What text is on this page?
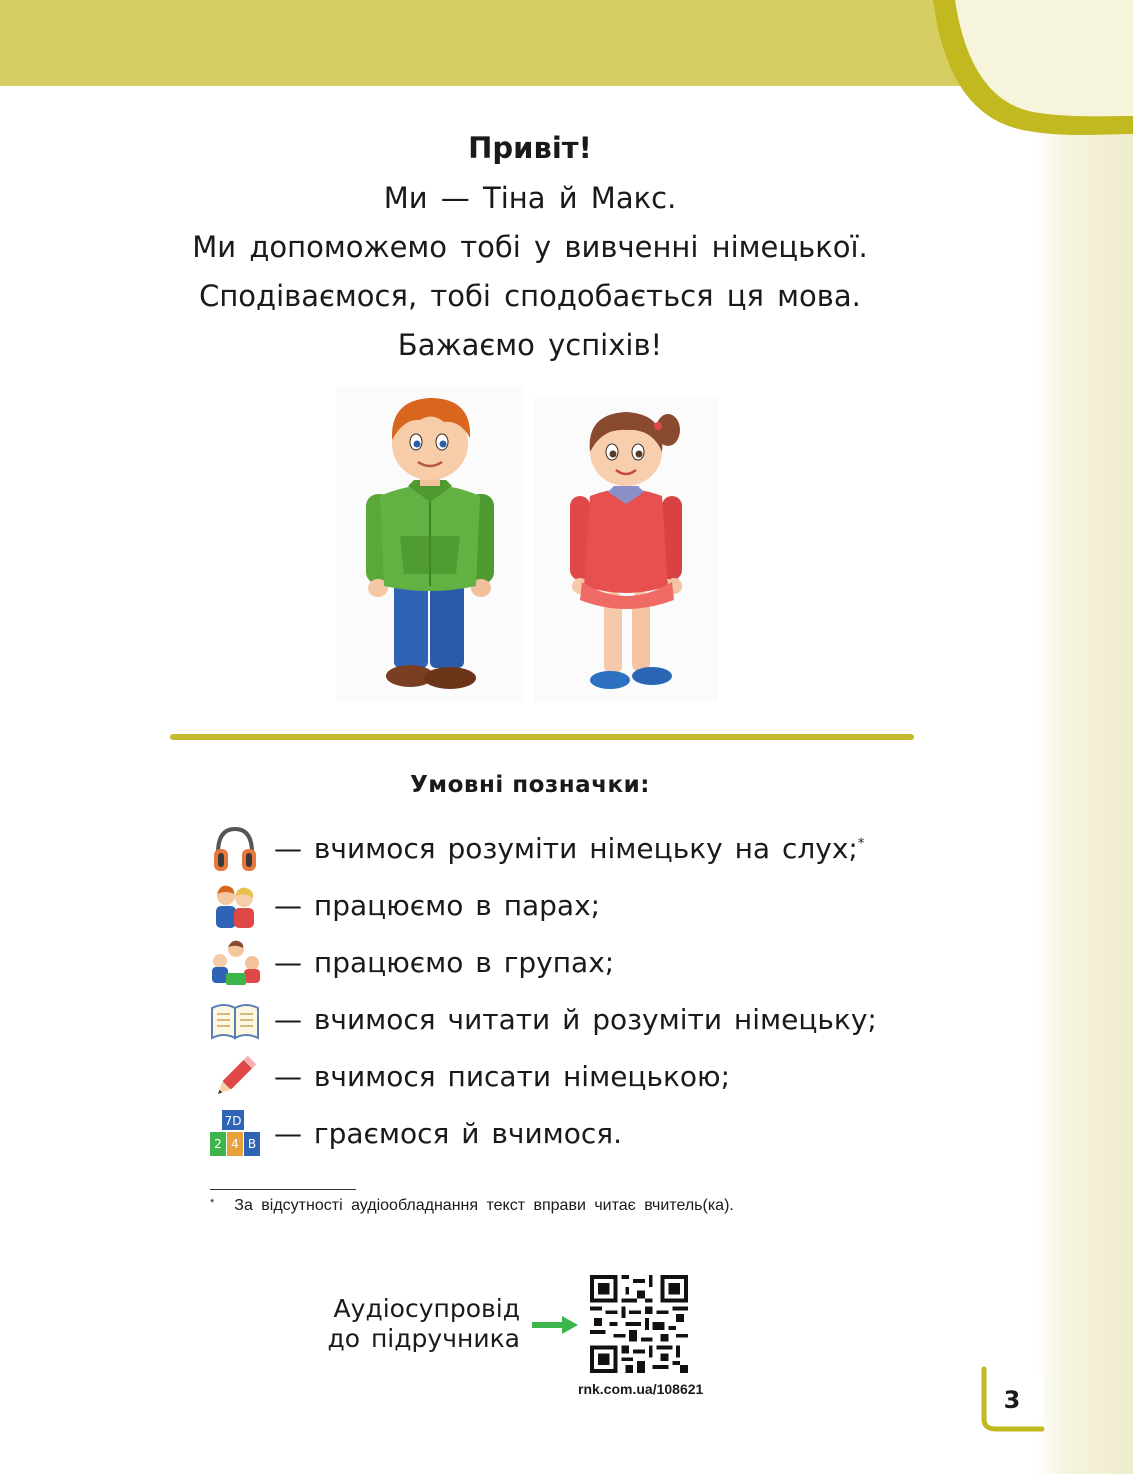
Привіт!
Ми — Тіна й Макс.
Ми допоможемо тобі у вивченні німецької.
Сподіваємося, тобі сподобається ця мова.
Бажаємо успіхів!
Умовні позначки:
— вчимося розуміти німецьку на слух;*
— працюємо в парах;
— працюємо в групах;
— вчимося читати й розуміти німецьку;
— вчимося писати німецькою;
7D
2 4 B — граємося й вчимося.
* За відсутності аудіообладнання текст вправи читає вчитель(ка).
Аудіосупровід
до підручника
rnk.com.ua/108621	3
